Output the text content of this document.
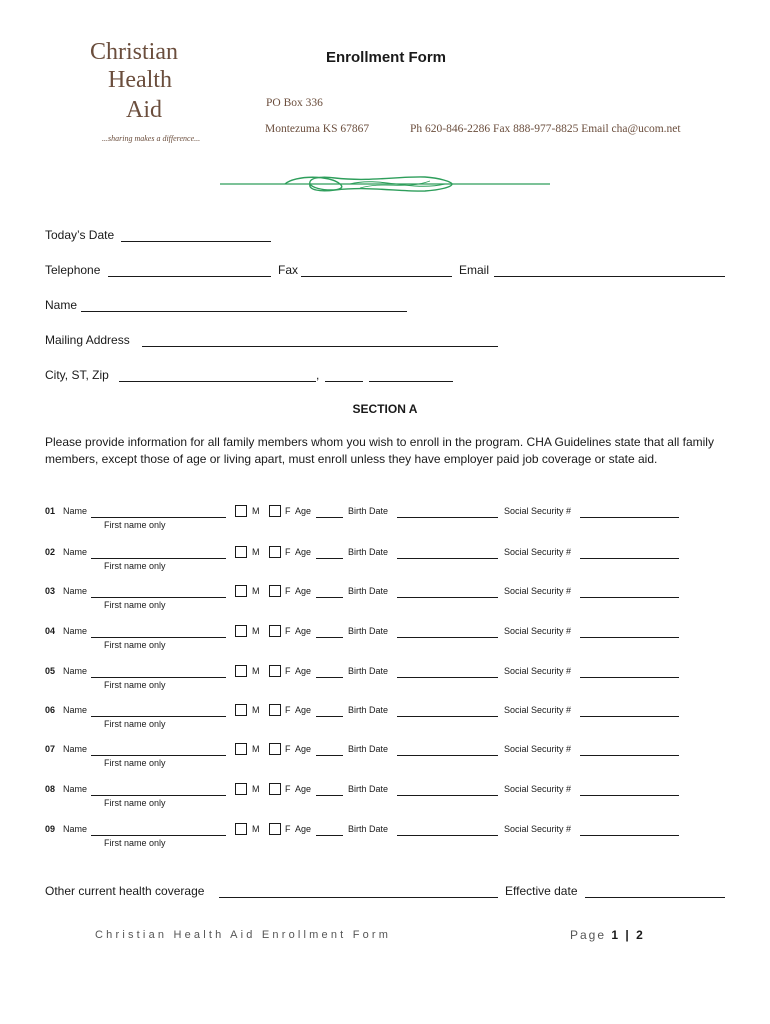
Christian
Health
Aid
...sharing makes a difference...
Enrollment Form
PO Box 336
Montezuma KS 67867	Ph 620-846-2286 Fax 888-977-8825 Email cha@ucom.net
Today’s Date
Telephone	Fax	Email
Name
Mailing Address
City, ST, Zip	,
SECTION A
Please provide information for all family members whom you wish to enroll in the program. CHA Guidelines state that all family members, except those of age or living apart, must enroll unless they have employer paid job coverage or state aid.
01 Name
First name only
M	F Age	Birth Date	Social Security #
02 Name
First name only
M	F Age	Birth Date	Social Security #
03 Name
First name only
M	F Age	Birth Date	Social Security #
04 Name
First name only
M	F Age	Birth Date	Social Security #
05 Name
First name only
M	F Age	Birth Date	Social Security #
06 Name
First name only
M	F Age	Birth Date	Social Security #
07 Name
First name only
M	F Age	Birth Date	Social Security #
08 Name
First name only
M	F Age	Birth Date	Social Security #
09 Name
First name only
M	F Age	Birth Date	Social Security #
Other current health coverage	Effective date
Christian Health Aid Enrollment Form	Page 1 | 2
